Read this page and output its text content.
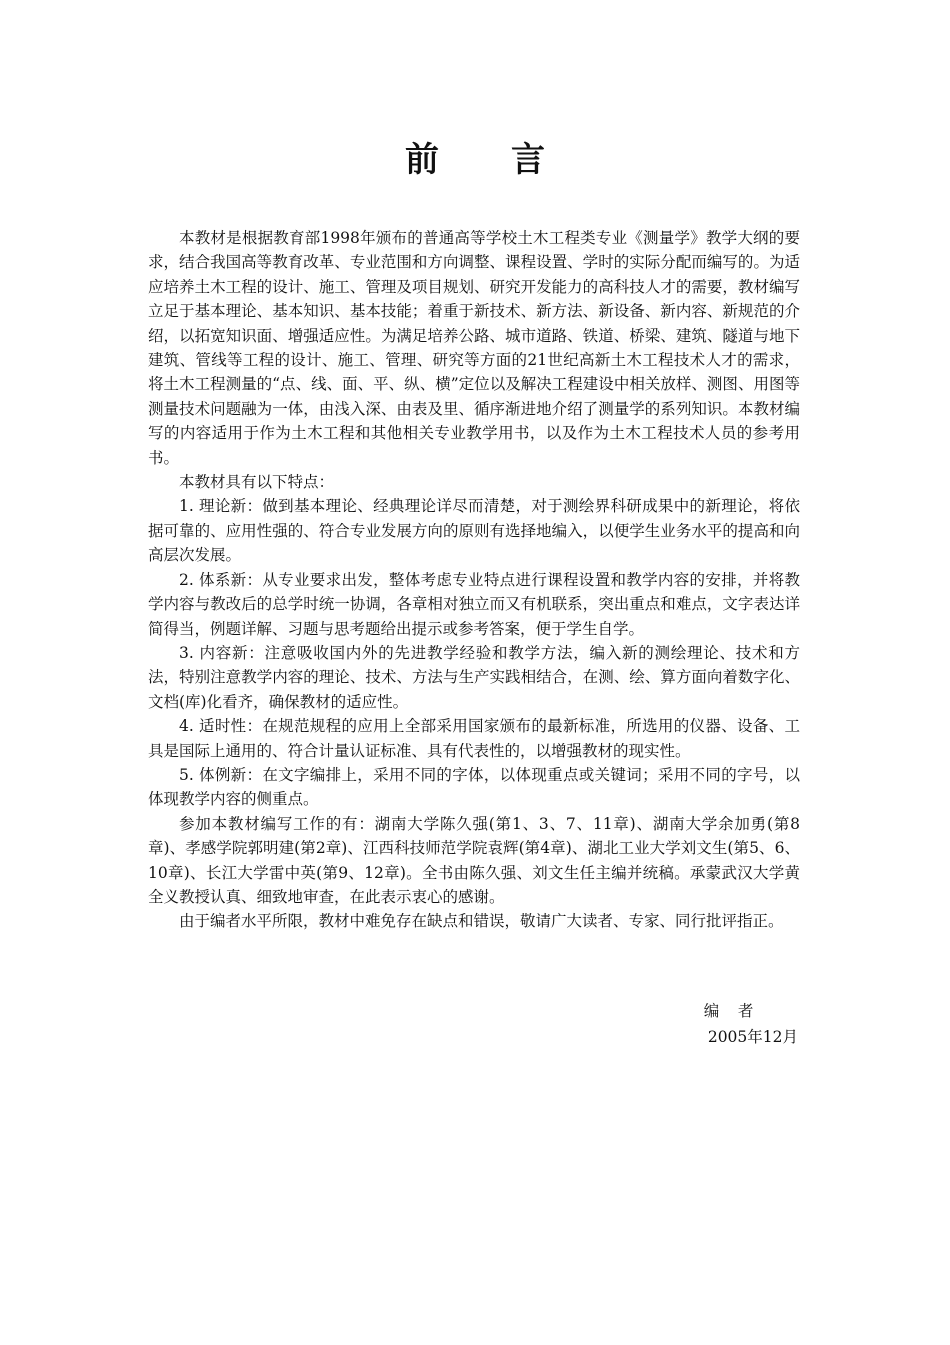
前言

本教材是根据教育部1998年颁布的普通高等学校土木工程类专业《测量学》教学大纲的要求，结合我国高等教育改革、专业范围和方向调整、课程设置、学时的实际分配而编写的。为适应培养土木工程的设计、施工、管理及项目规划、研究开发能力的高科技人才的需要，教材编写立足于基本理论、基本知识、基本技能；着重于新技术、新方法、新设备、新内容、新规范的介绍，以拓宽知识面、增强适应性。为满足培养公路、城市道路、铁道、桥梁、建筑、隧道与地下建筑、管线等工程的设计、施工、管理、研究等方面的21世纪高新土木工程技术人才的需求，将土木工程测量的“点、线、面、平、纵、横”定位以及解决工程建设中相关放样、测图、用图等测量技术问题融为一体，由浅入深、由表及里、循序渐进地介绍了测量学的系列知识。本教材编写的内容适用于作为土木工程和其他相关专业教学用书，以及作为土木工程技术人员的参考用书。

本教材具有以下特点：

1. 理论新：做到基本理论、经典理论详尽而清楚，对于测绘界科研成果中的新理论，将依据可靠的、应用性强的、符合专业发展方向的原则有选择地编入，以便学生业务水平的提高和向高层次发展。

2. 体系新：从专业要求出发，整体考虑专业特点进行课程设置和教学内容的安排，并将教学内容与教改后的总学时统一协调，各章相对独立而又有机联系，突出重点和难点，文字表达详简得当，例题详解、习题与思考题给出提示或参考答案，便于学生自学。

3. 内容新：注意吸收国内外的先进教学经验和教学方法，编入新的测绘理论、技术和方法，特别注意教学内容的理论、技术、方法与生产实践相结合，在测、绘、算方面向着数字化、文档(库)化看齐，确保教材的适应性。

4. 适时性：在规范规程的应用上全部采用国家颁布的最新标准，所选用的仪器、设备、工具是国际上通用的、符合计量认证标准、具有代表性的，以增强教材的现实性。

5. 体例新：在文字编排上，采用不同的字体，以体现重点或关键词；采用不同的字号，以体现教学内容的侧重点。

参加本教材编写工作的有：湖南大学陈久强(第1、3、7、11章)、湖南大学余加勇(第8章)、孝感学院郭明建(第2章)、江西科技师范学院袁辉(第4章)、湖北工业大学刘文生(第5、6、10章)、长江大学雷中英(第9、12章)。全书由陈久强、刘文生任主编并统稿。承蒙武汉大学黄全义教授认真、细致地审查，在此表示衷心的感谢。

由于编者水平所限，教材中难免存在缺点和错误，敬请广大读者、专家、同行批评指正。

编者
2005年12月
